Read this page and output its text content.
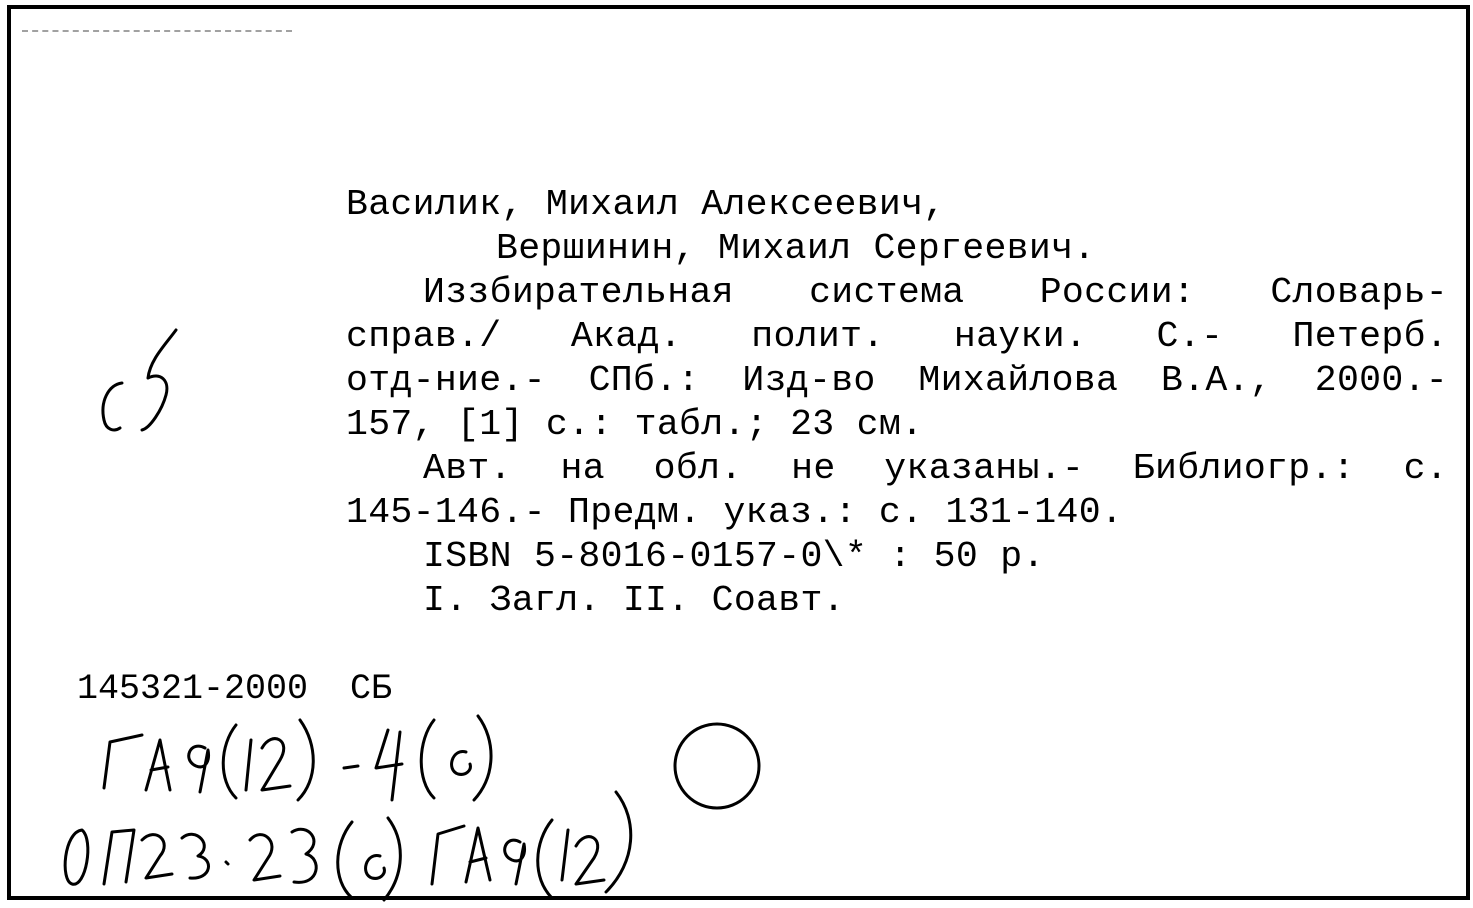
Василик, Михаил Алексеевич,
Вершинин, Михаил Сергеевич.
Иззбирательная система России: Словарь-
справ./ Акад. полит. науки. С.- Петерб.
отд-ние.- СПб.: Изд-во Михайлова В.А., 2000.-
157, [1] с.: табл.; 23 см.
Авт. на обл. не указаны.- Библиогр.: с.
145-146.- Предм. указ.: с. 131-140.
ISBN 5-8016-0157-0\* : 50 р.
I. Загл. II. Соавт.
145321-2000  СБ
